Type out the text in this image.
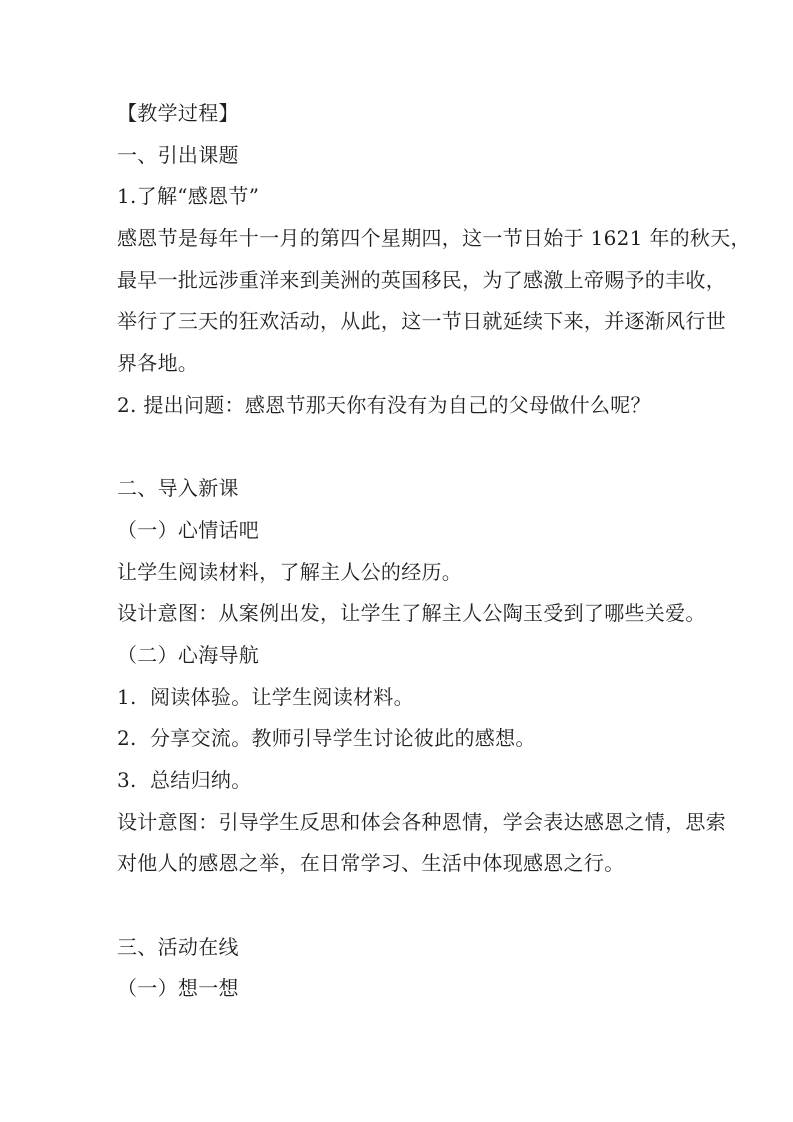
【教学过程】
一、引出课题
1.了解“感恩节”
感恩节是每年十一月的第四个星期四，这一节日始于 1621 年的秋天，
最早一批远涉重洋来到美洲的英国移民，为了感激上帝赐予的丰收，
举行了三天的狂欢活动，从此，这一节日就延续下来，并逐渐风行世
界各地。
2. 提出问题：感恩节那天你有没有为自己的父母做什么呢？
二、导入新课
（一）心情话吧
让学生阅读材料，了解主人公的经历。
设计意图：从案例出发，让学生了解主人公陶玉受到了哪些关爱。
（二）心海导航
1.  阅读体验。让学生阅读材料。
2.  分享交流。教师引导学生讨论彼此的感想。
3.  总结归纳。
设计意图：引导学生反思和体会各种恩情，学会表达感恩之情，思索
对他人的感恩之举，在日常学习、生活中体现感恩之行。
三、活动在线
（一）想一想
